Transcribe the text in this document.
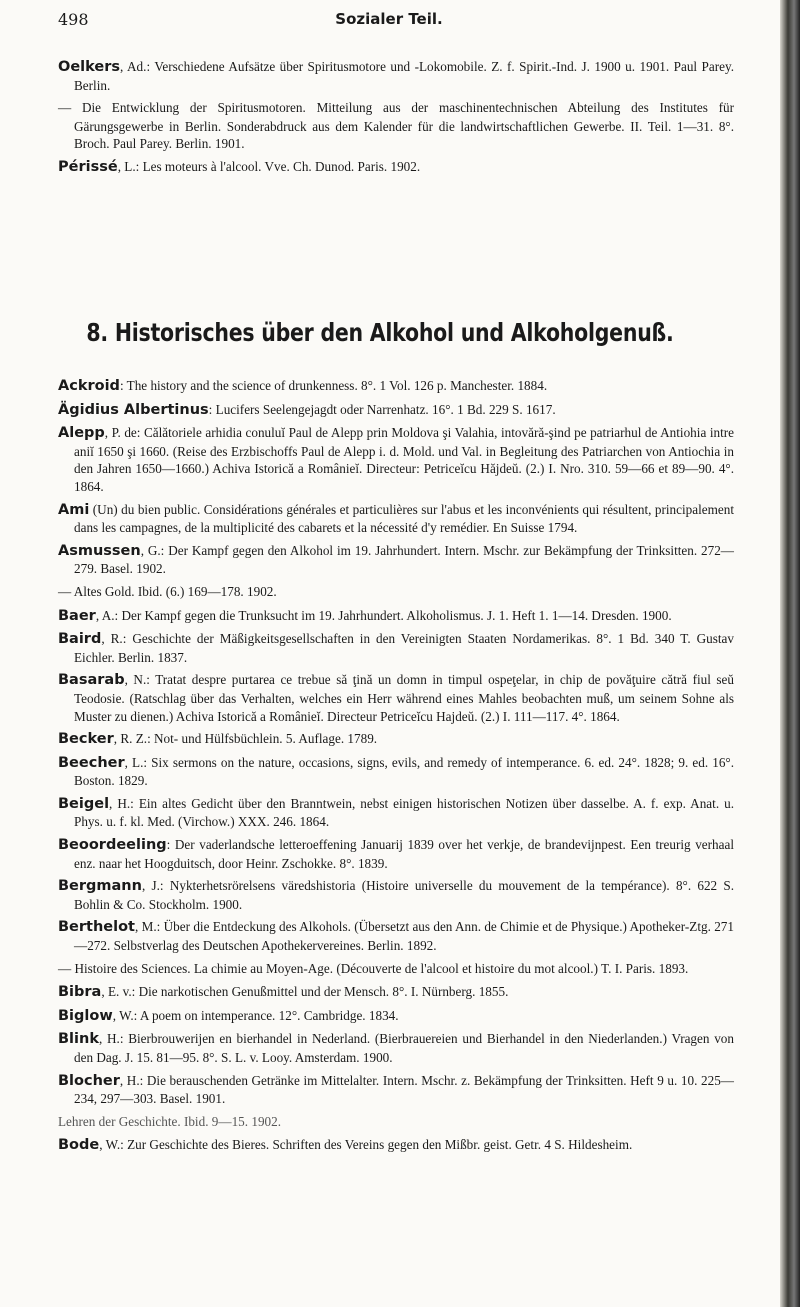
498	Sozialer Teil.

Oelkers, Ad.: Verschiedene Aufsätze über Spiritusmotore und -Lokomobile. Z. f. Spirit.-Ind. J. 1900 u. 1901. Paul Parey. Berlin.

— Die Entwicklung der Spiritusmotoren. Mitteilung aus der maschinentechnischen Abteilung des Institutes für Gärungsgewerbe in Berlin. Sonderabdruck aus dem Kalender für die landwirtschaftlichen Gewerbe. II. Teil. 1—31. 8°. Broch. Paul Parey. Berlin. 1901.

Périssé, L.: Les moteurs à l'alcool. Vve. Ch. Dunod. Paris. 1902.

8. Historisches über den Alkohol und Alkoholgenuß.

Ackroid: The history and the science of drunkenness. 8°. 1 Vol. 126 p. Manchester. 1884.

Ägidius Albertinus: Lucifers Seelengejagdt oder Narrenhatz. 16°. 1 Bd. 229 S. 1617.

Alepp, P. de: Călătoriele arhidia conuluĭ Paul de Alepp prin Moldova şi Valahia, intovără-şind pe patriarhul de Antiohia intre aniĭ 1650 şi 1660. (Reise des Erzbischoffs Paul de Alepp i. d. Mold. und Val. in Begleitung des Patriarchen von Antiochia in den Jahren 1650—1660.) Achiva Istorică a Românieĭ. Directeur: Petriceĭcu Hăjdeŭ. (2.) I. Nro. 310. 59—66 et 89—90. 4°. 1864.

Ami (Un) du bien public. Considérations générales et particulières sur l'abus et les inconvénients qui résultent, principalement dans les campagnes, de la multiplicité des cabarets et la nécessité d'y remédier. En Suisse 1794.

Asmussen, G.: Der Kampf gegen den Alkohol im 19. Jahrhundert. Intern. Mschr. zur Bekämpfung der Trinksitten. 272—279. Basel. 1902.

— Altes Gold. Ibid. (6.) 169—178. 1902.

Baer, A.: Der Kampf gegen die Trunksucht im 19. Jahrhundert. Alkoholismus. J. 1. Heft 1. 1—14. Dresden. 1900.

Baird, R.: Geschichte der Mäßigkeitsgesellschaften in den Vereinigten Staaten Nordamerikas. 8°. 1 Bd. 340 T. Gustav Eichler. Berlin. 1837.

Basarab, N.: Tratat despre purtarea ce trebue să ţină un domn in timpul ospeţelar, in chip de povăţuire cătră fiul seŭ Teodosie. (Ratschlag über das Verhalten, welches ein Herr während eines Mahles beobachten muß, um seinem Sohne als Muster zu dienen.) Achiva Istorică a Românieĭ. Directeur Petriceĭcu Hajdeŭ. (2.) I. 111—117. 4°. 1864.

Becker, R. Z.: Not- und Hülfsbüchlein. 5. Auflage. 1789.

Beecher, L.: Six sermons on the nature, occasions, signs, evils, and remedy of intemperance. 6. ed. 24°. 1828; 9. ed. 16°. Boston. 1829.

Beigel, H.: Ein altes Gedicht über den Branntwein, nebst einigen historischen Notizen über dasselbe. A. f. exp. Anat. u. Phys. u. f. kl. Med. (Virchow.) XXX. 246. 1864.

Beoordeeling: Der vaderlandsche letteroeffening Januarij 1839 over het verkje, de brandevijnpest. Een treurig verhaal enz. naar het Hoogduitsch, door Heinr. Zschokke. 8°. 1839.

Bergmann, J.: Nykterhetsrörelsens väredshistoria (Histoire universelle du mouvement de la tempérance). 8°. 622 S. Bohlin & Co. Stockholm. 1900.

Berthelot, M.: Über die Entdeckung des Alkohols. (Übersetzt aus den Ann. de Chimie et de Physique.) Apotheker-Ztg. 271—272. Selbstverlag des Deutschen Apothekervereines. Berlin. 1892.

— Histoire des Sciences. La chimie au Moyen-Age. (Découverte de l'alcool et histoire du mot alcool.) T. I. Paris. 1893.

Bibra, E. v.: Die narkotischen Genußmittel und der Mensch. 8°. I. Nürnberg. 1855.

Biglow, W.: A poem on intemperance. 12°. Cambridge. 1834.

Blink, H.: Bierbrouwerijen en bierhandel in Nederland. (Bierbrauereien und Bierhandel in den Niederlanden.) Vragen von den Dag. J. 15. 81—95. 8°. S. L. v. Looy. Amsterdam. 1900.

Blocher, H.: Die berauschenden Getränke im Mittelalter. Intern. Mschr. z. Bekämpfung der Trinksitten. Heft 9 u. 10. 225—234, 297—303. Basel. 1901.

Lehren der Geschichte. Ibid. 9—15. 1902.

Bode, W.: Zur Geschichte des Bieres. Schriften des Vereins gegen den Mißbr. geist. Getr. 4 S. Hildesheim.
